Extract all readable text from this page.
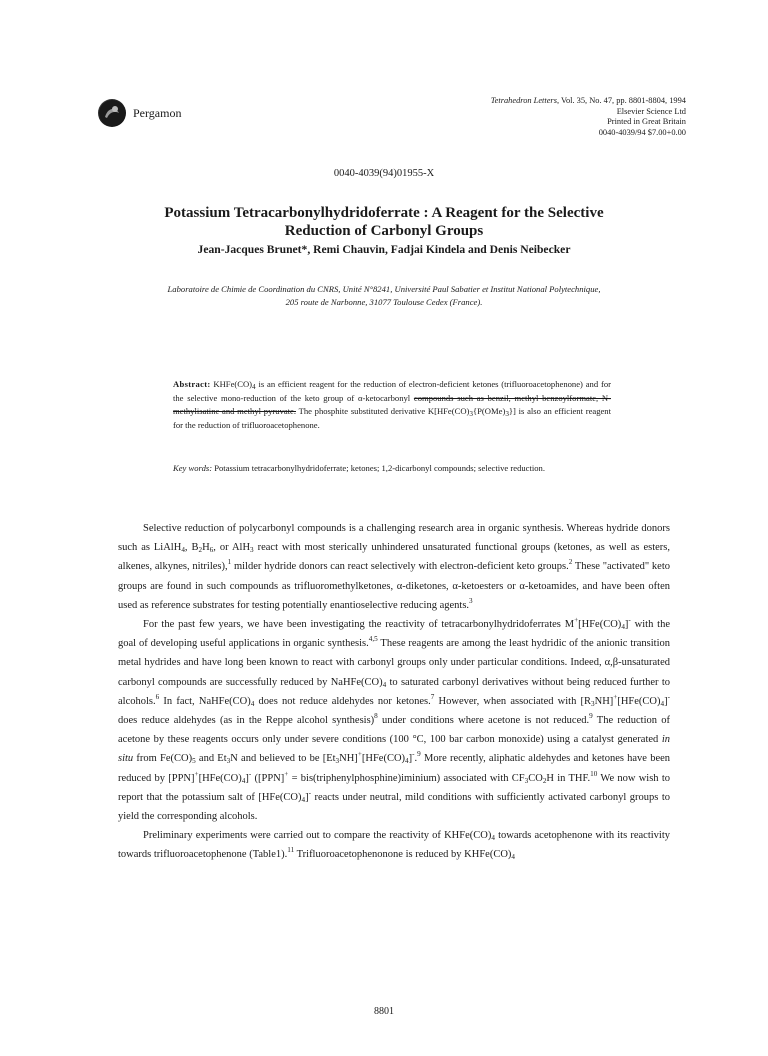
Pergamon
Tetrahedron Letters, Vol. 35, No. 47, pp. 8801-8804, 1994
Elsevier Science Ltd
Printed in Great Britain
0040-4039/94 $7.00+0.00
0040-4039(94)01955-X
Potassium Tetracarbonylhydridoferrate : A Reagent for the Selective
Reduction of Carbonyl Groups
Jean-Jacques Brunet*, Remi Chauvin, Fadjai Kindela and Denis Neibecker
Laboratoire de Chimie de Coordination du CNRS, Unité N°8241, Université Paul Sabatier et Institut National Polytechnique,
205 route de Narbonne, 31077 Toulouse Cedex (France).
Abstract: $KHFe(CO)_4$ is an efficient reagent for the reduction of electron-deficient ketones (trifluoroacetophenone) and for the selective mono-reduction of the keto group of α-ketocarbonyl compounds such as benzil, methyl benzoylformate, N-methylisatine and methyl pyruvate. The phosphite substituted derivative $K[HFe(CO)_3\{P(OMe)_3\}]$ is also an efficient reagent for the reduction of trifluoroacetophenone.
Key words: Potassium tetracarbonylhydridoferrate; ketones; 1,2-dicarbonyl compounds; selective reduction.

Selective reduction of polycarbonyl compounds is a challenging research area in organic synthesis. Whereas hydride donors such as LiAlH$_4$, $B_2H_6$, or AlH$_3$ react with most sterically unhindered unsaturated functional groups (ketones, as well as esters, alkenes, alkynes, nitriles),$^1$ milder hydride donors can react selectively with electron-deficient keto groups.$^2$ These "activated" keto groups are found in such compounds as trifluoromethylketones, α-diketones, α-ketoesters or α-ketoamides, and have been often used as reference substrates for testing potentially enantioselective reducing agents.$^3$

For the past few years, we have been investigating the reactivity of tetracarbonylhydridoferrates $M^+[HFe(CO)_4]^-$ with the goal of developing useful applications in organic synthesis.$^{4,5}$ These reagents are among the least hydridic of the anionic transition metal hydrides and have long been known to react with carbonyl groups only under particular conditions. Indeed, α,β-unsaturated carbonyl compounds are successfully reduced by $NaHFe(CO)_4$ to saturated carbonyl derivatives without being reduced further to alcohols.$^6$ In fact, $NaHFe(CO)_4$ does not reduce aldehydes nor ketones.$^7$ However, when associated with $[R_3NH]^+[HFe(CO)_4]^-$ does reduce aldehydes (as in the Reppe alcohol synthesis)$^8$ under conditions where acetone is not reduced.$^9$ The reduction of acetone by these reagents occurs only under severe conditions (100 °C, 100 bar carbon monoxide) using a catalyst generated in situ from $Fe(CO)_5$ and $Et_3N$ and believed to be $[Et_3NH]^+[HFe(CO)_4]^-.^9$ More recently, aliphatic aldehydes and ketones have been reduced by $[PPN]^+[HFe(CO)_4]^-$ ([PPN]+ = bis(triphenylphosphine)iminium) associated with $CF_3CO_2H$ in THF.$^{10}$ We now wish to report that the potassium salt of $[HFe(CO)_4]^-$ reacts under neutral, mild conditions with sufficiently activated carbonyl groups to yield the corresponding alcohols.

Preliminary experiments were carried out to compare the reactivity of $KHFe(CO)_4$ towards acetophenone with its reactivity towards trifluoroacetophenone (Table1).$^{11}$ Trifluoroacetophenonone is reduced by $KHFe(CO)_4$

8801
